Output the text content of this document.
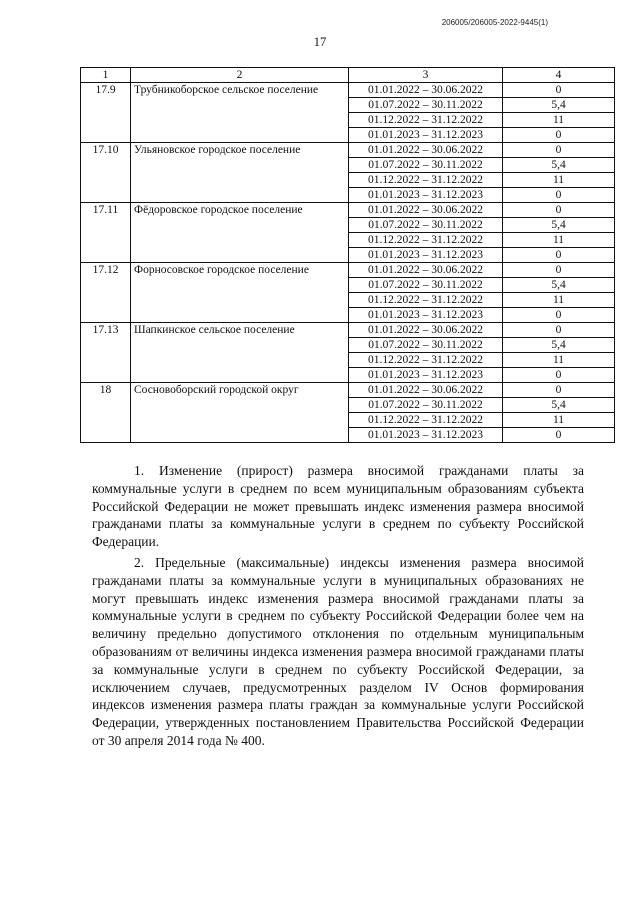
206005/206005-2022-9445(1)
17
1	2	3	4
17.9	Трубникоборское сельское поселение	01.01.2022 – 30.06.2022	0
		01.07.2022 – 30.11.2022	5,4
		01.12.2022 – 31.12.2022	11
		01.01.2023 – 31.12.2023	0
17.10	Ульяновское городское поселение	01.01.2022 – 30.06.2022	0
		01.07.2022 – 30.11.2022	5,4
		01.12.2022 – 31.12.2022	11
		01.01.2023 – 31.12.2023	0
17.11	Фёдоровское городское поселение	01.01.2022 – 30.06.2022	0
		01.07.2022 – 30.11.2022	5,4
		01.12.2022 – 31.12.2022	11
		01.01.2023 – 31.12.2023	0
17.12	Форносовское городское поселение	01.01.2022 – 30.06.2022	0
		01.07.2022 – 30.11.2022	5,4
		01.12.2022 – 31.12.2022	11
		01.01.2023 – 31.12.2023	0
17.13	Шапкинское сельское поселение	01.01.2022 – 30.06.2022	0
		01.07.2022 – 30.11.2022	5,4
		01.12.2022 – 31.12.2022	11
		01.01.2023 – 31.12.2023	0
18	Сосновоборский городской округ	01.01.2022 – 30.06.2022	0
		01.07.2022 – 30.11.2022	5,4
		01.12.2022 – 31.12.2022	11
		01.01.2023 – 31.12.2023	0

1. Изменение (прирост) размера вносимой гражданами платы за коммунальные услуги в среднем по всем муниципальным образованиям субъекта Российской Федерации не может превышать индекс изменения размера вносимой гражданами платы за коммунальные услуги в среднем по субъекту Российской Федерации.

2. Предельные (максимальные) индексы изменения размера вносимой гражданами платы за коммунальные услуги в муниципальных образованиях не могут превышать индекс изменения размера вносимой гражданами платы за коммунальные услуги в среднем по субъекту Российской Федерации более чем на величину предельно допустимого отклонения по отдельным муниципальным образованиям от величины индекса изменения размера вносимой гражданами платы за коммунальные услуги в среднем по субъекту Российской Федерации, за исключением случаев, предусмотренных разделом IV Основ формирования индексов изменения размера платы граждан за коммунальные услуги Российской Федерации, утвержденных постановлением Правительства Российской Федерации от 30 апреля 2014 года № 400.
